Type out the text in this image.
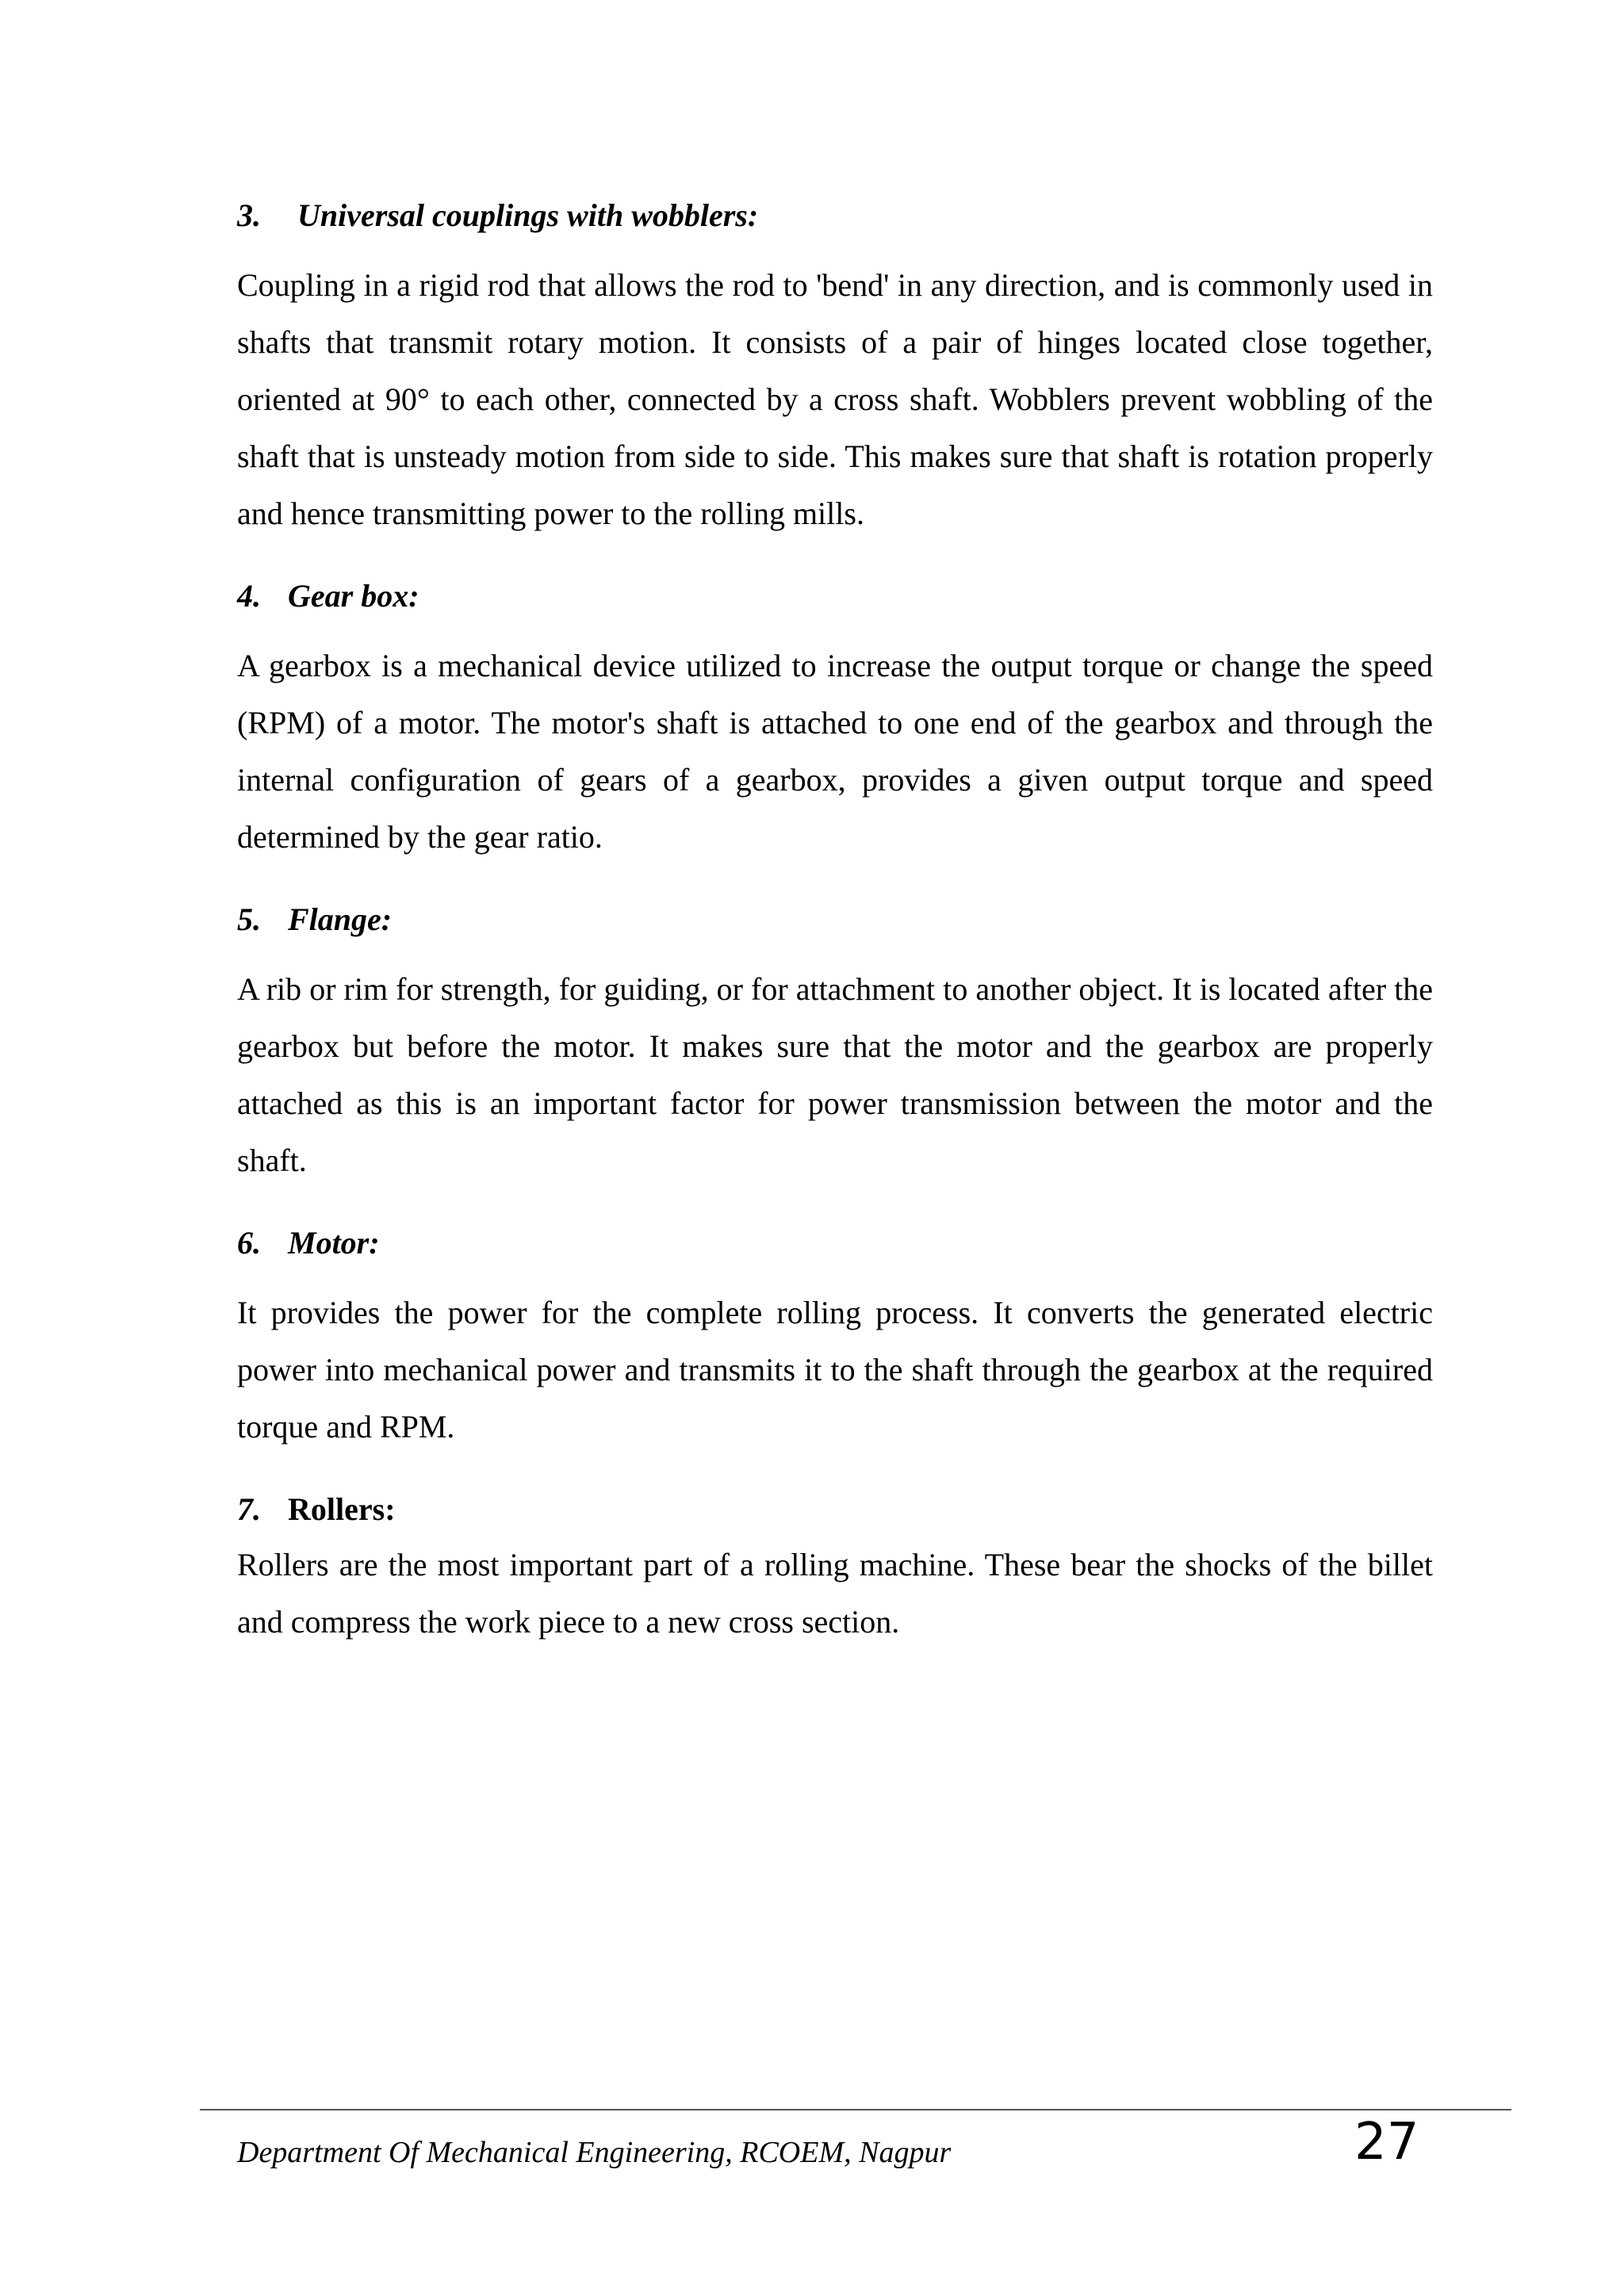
3. Universal couplings with wobblers:

Coupling in a rigid rod that allows the rod to 'bend' in any direction, and is commonly used in shafts that transmit rotary motion. It consists of a pair of hinges located close together, oriented at 90° to each other, connected by a cross shaft. Wobblers prevent wobbling of the shaft that is unsteady motion from side to side. This makes sure that shaft is rotation properly and hence transmitting power to the rolling mills.

4. Gear box:

A gearbox is a mechanical device utilized to increase the output torque or change the speed (RPM) of a motor. The motor's shaft is attached to one end of the gearbox and through the internal configuration of gears of a gearbox, provides a given output torque and speed determined by the gear ratio.

5. Flange:

A rib or rim for strength, for guiding, or for attachment to another object. It is located after the gearbox but before the motor. It makes sure that the motor and the gearbox are properly attached as this is an important factor for power transmission between the motor and the shaft.

6. Motor:

It provides the power for the complete rolling process. It converts the generated electric power into mechanical power and transmits it to the shaft through the gearbox at the required torque and RPM.

7. Rollers:

Rollers are the most important part of a rolling machine. These bear the shocks of the billet and compress the work piece to a new cross section.

Department Of Mechanical Engineering, RCOEM, Nagpur	27
